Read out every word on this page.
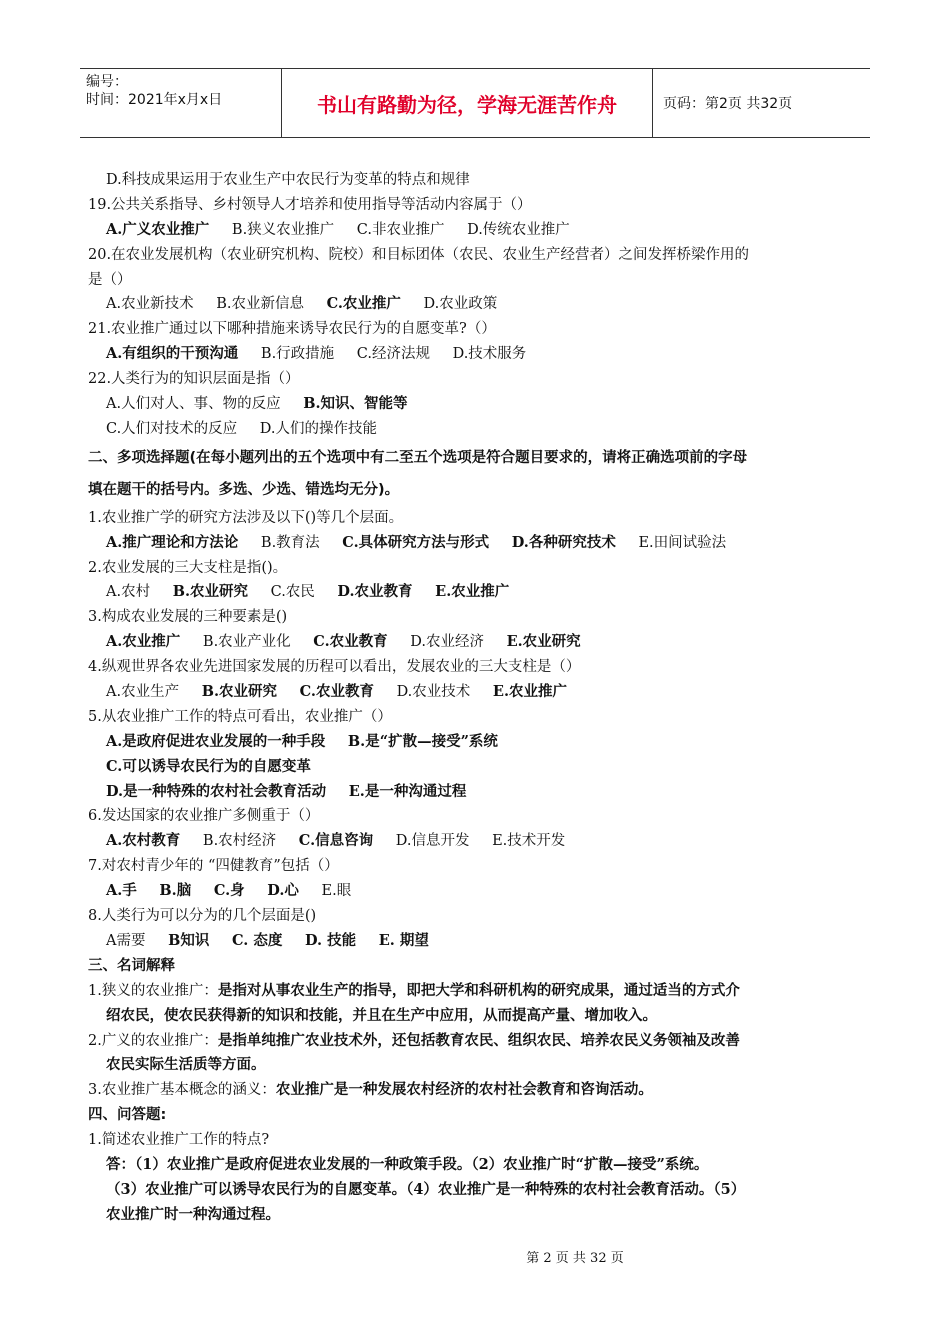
编号：
时间：2021年x月x日	书山有路勤为径，学海无涯苦作舟	页码：第2页 共32页
D.科技成果运用于农业生产中农民行为变革的特点和规律
19.公共关系指导、乡村领导人才培养和使用指导等活动内容属于（）
A.广义农业推广 B.狭义农业推广 C.非农业推广 D.传统农业推广
20.在农业发展机构（农业研究机构、院校）和目标团体（农民、农业生产经营者）之间发挥桥梁作用的
是（）
A.农业新技术 B.农业新信息 C.农业推广 D.农业政策
21.农业推广通过以下哪种措施来诱导农民行为的自愿变革?（）
A.有组织的干预沟通 B.行政措施 C.经济法规 D.技术服务
22.人类行为的知识层面是指（）
A.人们对人、事、物的反应 B.知识、智能等
C.人们对技术的反应 D.人们的操作技能
二、多项选择题(在每小题列出的五个选项中有二至五个选项是符合题目要求的，请将正确选项前的字母
填在题干的括号内。多选、少选、错选均无分)。
1.农业推广学的研究方法涉及以下()等几个层面。
A.推广理论和方法论 B.教育法 C.具体研究方法与形式 D.各种研究技术 E.田间试验法
2.农业发展的三大支柱是指()。
A.农村 B.农业研究 C.农民 D.农业教育 E.农业推广
3.构成农业发展的三种要素是()
A.农业推广 B.农业产业化 C.农业教育 D.农业经济 E.农业研究
4.纵观世界各农业先进国家发展的历程可以看出，发展农业的三大支柱是（）
A.农业生产 B.农业研究 C.农业教育 D.农业技术 E.农业推广
5.从农业推广工作的特点可看出，农业推广（）
A.是政府促进农业发展的一种手段 B.是“扩散—接受”系统
C.可以诱导农民行为的自愿变革
D.是一种特殊的农村社会教育活动 E.是一种沟通过程
6.发达国家的农业推广多侧重于（）
A.农村教育 B.农村经济 C.信息咨询 D.信息开发 E.技术开发
7.对农村青少年的 “四健教育”包括（）
A.手 B.脑 C.身 D.心 E.眼
8.人类行为可以分为的几个层面是()
A需要 B知识 C. 态度 D. 技能 E. 期望
三、名词解释
1.狭义的农业推广：是指对从事农业生产的指导，即把大学和科研机构的研究成果，通过适当的方式介
绍农民，使农民获得新的知识和技能，并且在生产中应用，从而提高产量、增加收入。
2.广义的农业推广：是指单纯推广农业技术外，还包括教育农民、组织农民、培养农民义务领袖及改善
农民实际生活质等方面。
3.农业推广基本概念的涵义：农业推广是一种发展农村经济的农村社会教育和咨询活动。
四、问答题:
1.简述农业推广工作的特点?
答：（1）农业推广是政府促进农业发展的一种政策手段。（2）农业推广时“扩散—接受”系统。
（3）农业推广可以诱导农民行为的自愿变革。（4）农业推广是一种特殊的农村社会教育活动。（5）
农业推广时一种沟通过程。
第 2 页 共 32 页
